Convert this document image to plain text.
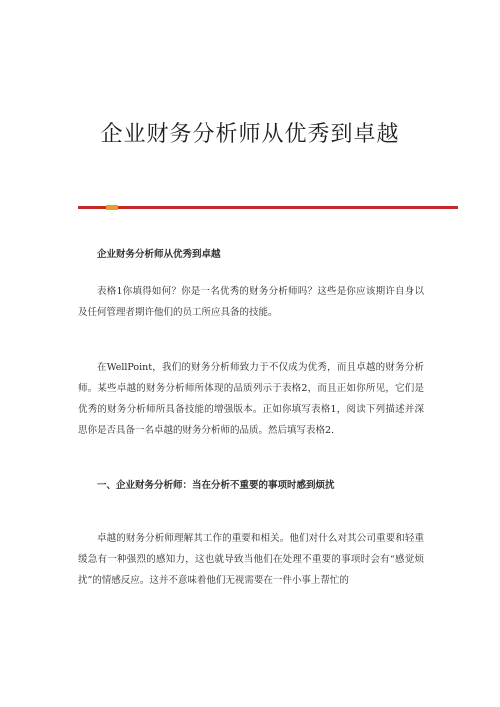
企业财务分析师从优秀到卓越

企业财务分析师从优秀到卓越

表格1你填得如何？你是一名优秀的财务分析师吗？这些是你应该期许自身以及任何管理者期许他们的员工所应具备的技能。

在WellPoint，我们的财务分析师致力于不仅成为优秀，而且卓越的财务分析师。某些卓越的财务分析师所体现的品质列示于表格2，而且正如你所见，它们是优秀的财务分析师所具备技能的增强版本。正如你填写表格1，阅读下列描述并深思你是否具备一名卓越的财务分析师的品质。然后填写表格2.

一、企业财务分析师：当在分析不重要的事项时感到烦扰

卓越的财务分析师理解其工作的重要和相关。他们对什么对其公司重要和轻重缓急有一种强烈的感知力，这也就导致当他们在处理不重要的事项时会有“感觉烦扰”的情感反应。这并不意味着他们无视需要在一件小事上帮忙的
